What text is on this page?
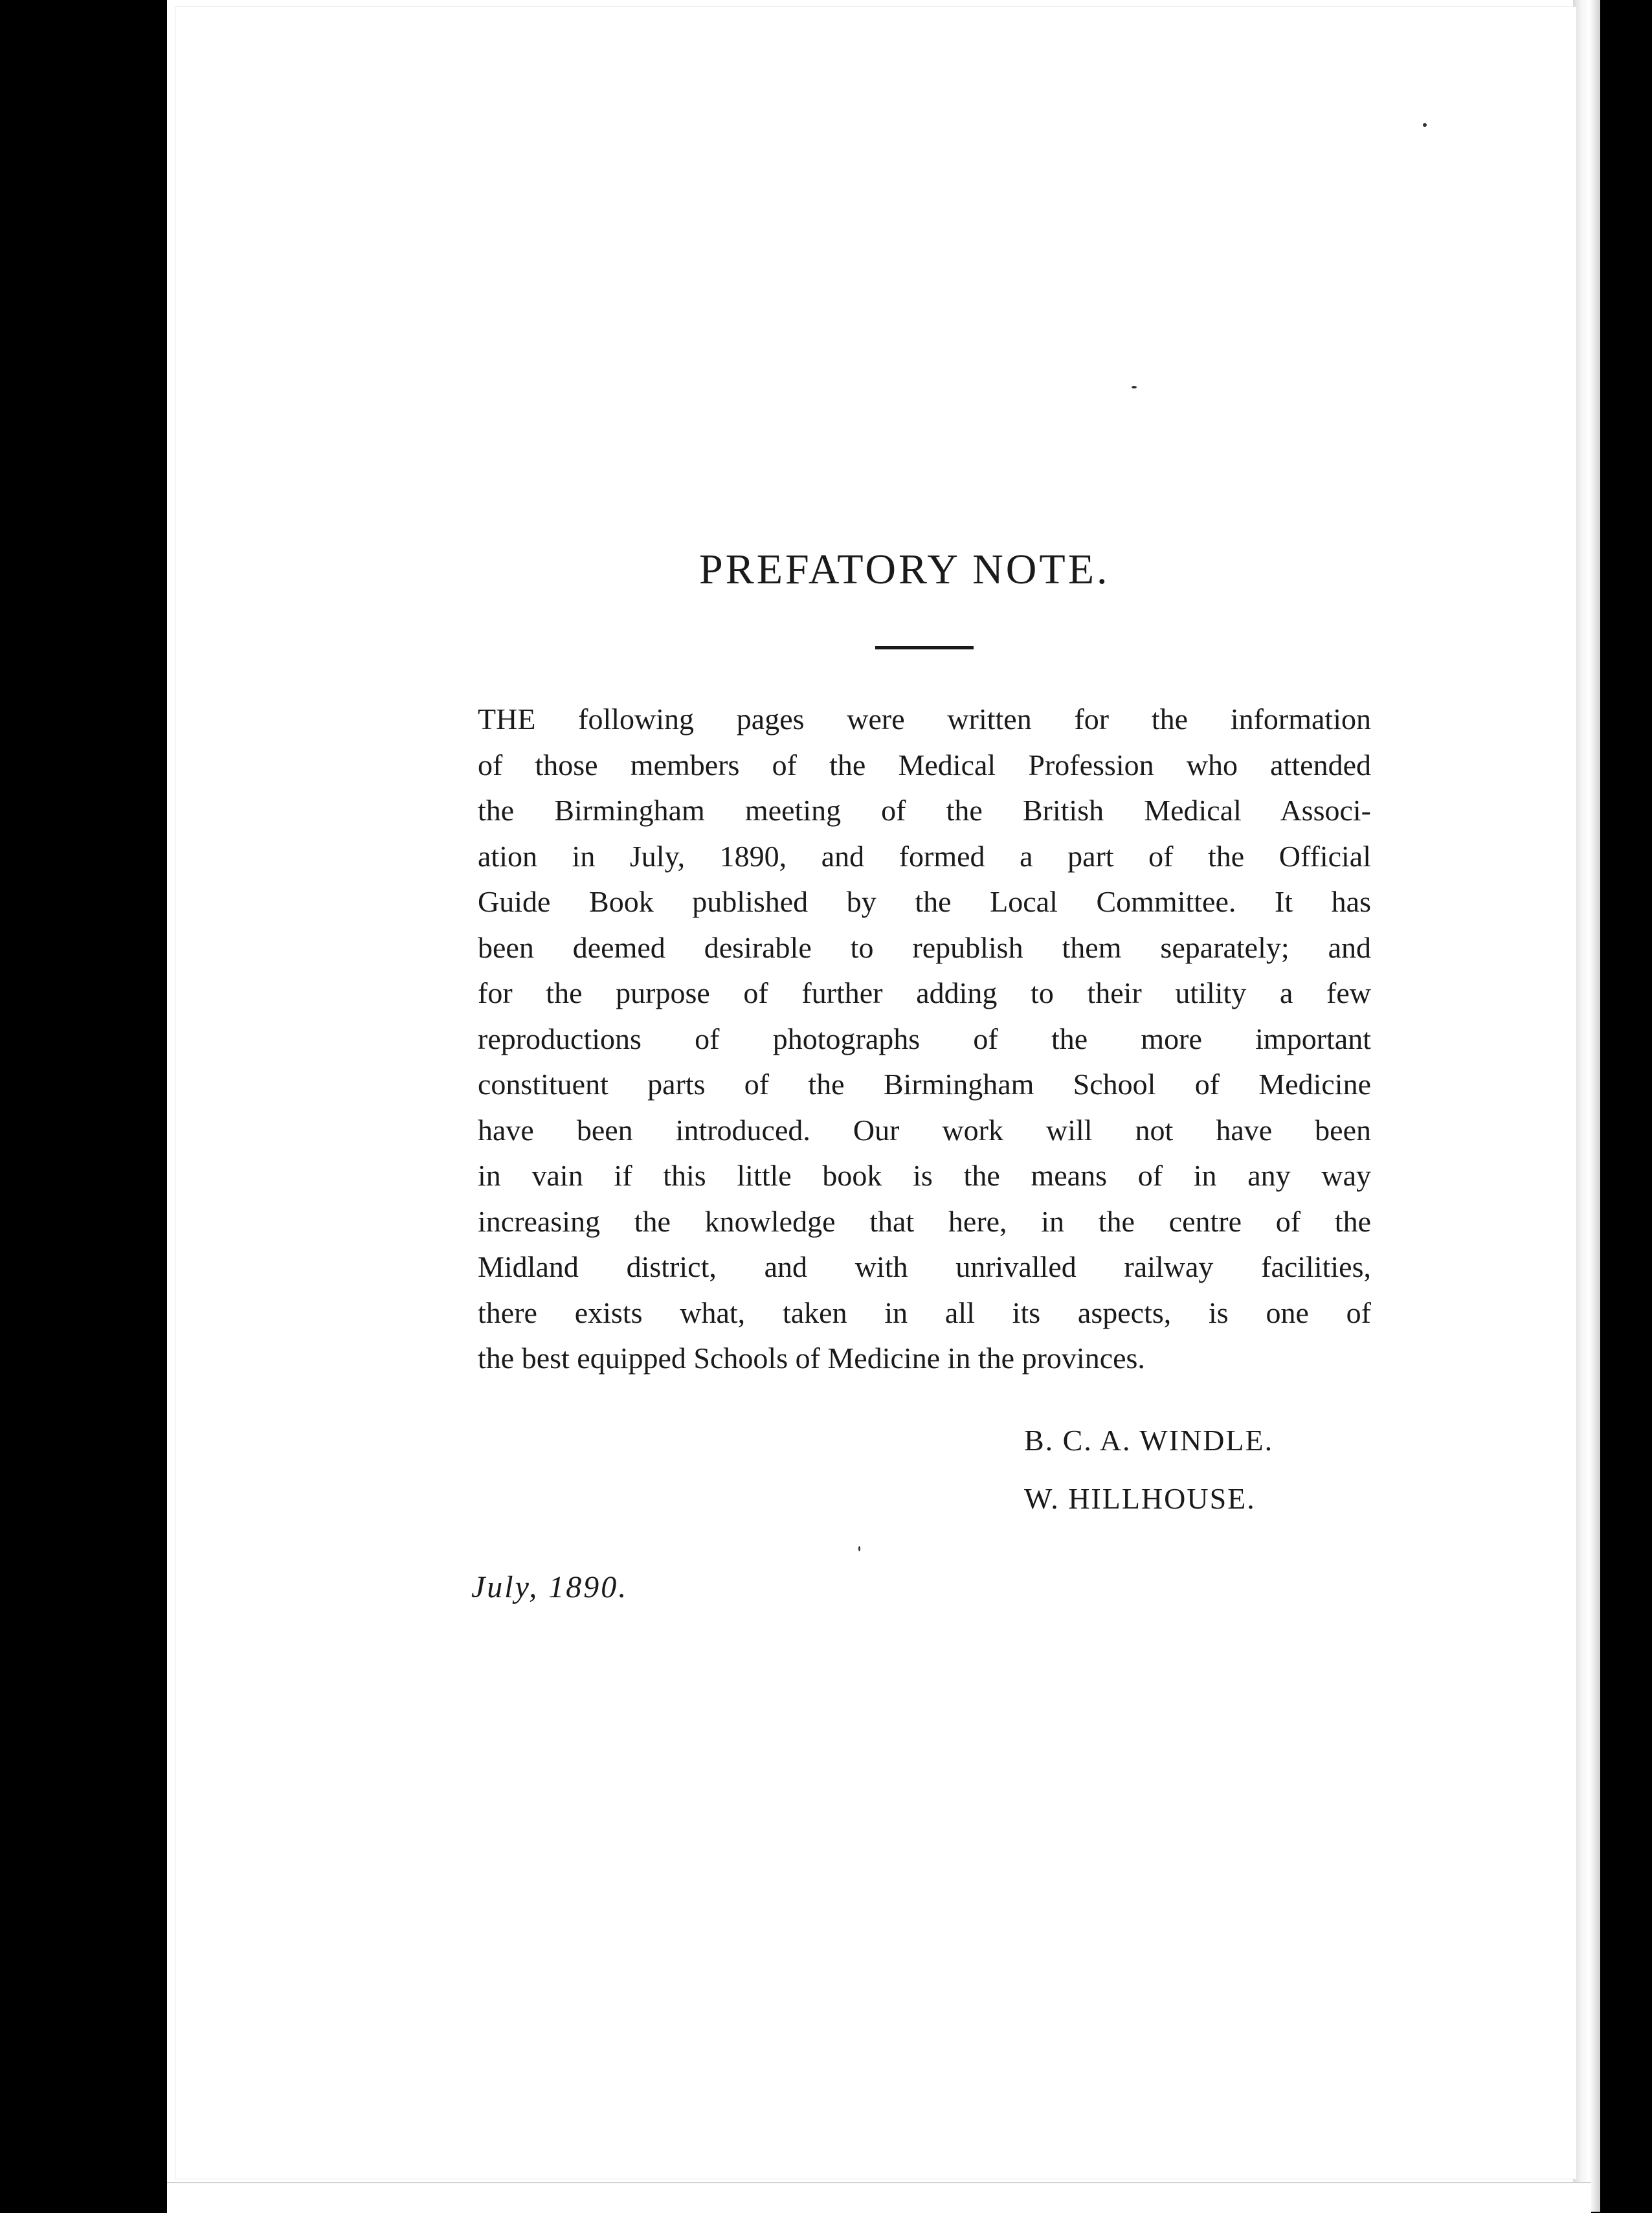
PREFATORY NOTE.
THE following pages were written for the information
of those members of the Medical Profession who attended
the Birmingham meeting of the British Medical Associ-
ation in July, 1890, and formed a part of the Official
Guide Book published by the Local Committee. It has
been deemed desirable to republish them separately; and
for the purpose of further adding to their utility a few
reproductions of photographs of the more important
constituent parts of the Birmingham School of Medicine
have been introduced. Our work will not have been
in vain if this little book is the means of in any way
increasing the knowledge that here, in the centre of the
Midland district, and with unrivalled railway facilities,
there exists what, taken in all its aspects, is one of
the best equipped Schools of Medicine in the provinces.
B. C. A. WINDLE.
W. HILLHOUSE.
July, 1890.
